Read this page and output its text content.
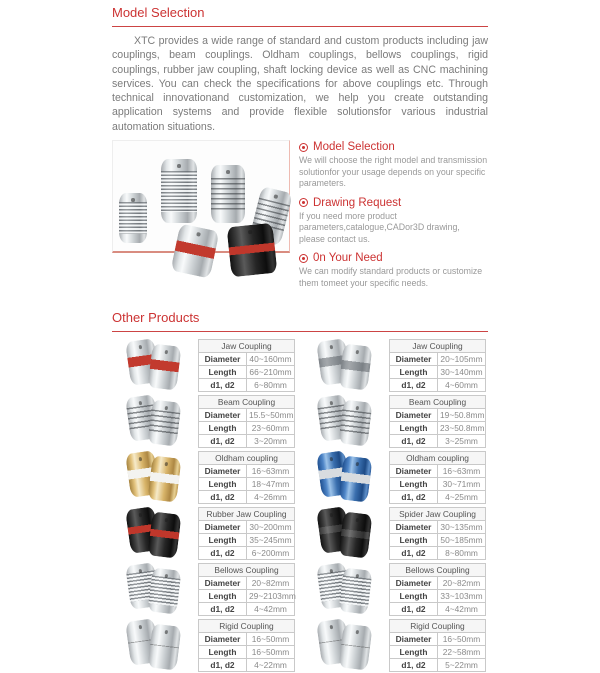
Model Selection

XTC provides a wide range of standard and custom products including jaw couplings, beam couplings. Oldham couplings, bellows couplings, rigid couplings, rubber jaw coupling, shaft locking device as well as CNC machining services. You can check the specifications for above couplings etc. Through technical innovationand customization, we help you create outstanding application systems and provide flexible solutionsfor various industrial automation situations.

Model Selection

We will choose the right model and transmission solutionfor your usage depends on your specific parameters.

Drawing Request

If you need more product parameters,catalogue,CADor3D drawing, please contact us.

0n Your Need

We can modify standard products or customize them tomeet your specific needs.

Other Products
Jaw Coupling	
Diameter	40~160mm
Length	66~210mm
d1, d2	6~80mm
Jaw Coupling	
Diameter	20~105mm
Length	30~140mm
d1, d2	4~60mm
Beam Coupling	
Diameter	15.5~50mm
Length	23~60mm
d1, d2	3~20mm
Beam Coupling	
Diameter	19~50.8mm
Length	23~50.8mm
d1, d2	3~25mm
Oldham coupling	
Diameter	16~63mm
Length	18~47mm
d1, d2	4~26mm
Oldham coupling	
Diameter	16~63mm
Length	30~71mm
d1, d2	4~25mm
Rubber Jaw Coupling	
Diameter	30~200mm
Length	35~245mm
d1, d2	6~200mm
Spider Jaw Coupling	
Diameter	30~135mm
Length	50~185mm
d1, d2	8~80mm
Bellows Coupling	
Diameter	20~82mm
Length	29~2103mm
d1, d2	4~42mm
Bellows Coupling	
Diameter	20~82mm
Length	33~103mm
d1, d2	4~42mm
Rigid Coupling	
Diameter	16~50mm
Length	16~50mm
d1, d2	4~22mm
Rigid Coupling	
Diameter	16~50mm
Length	22~58mm
d1, d2	5~22mm
